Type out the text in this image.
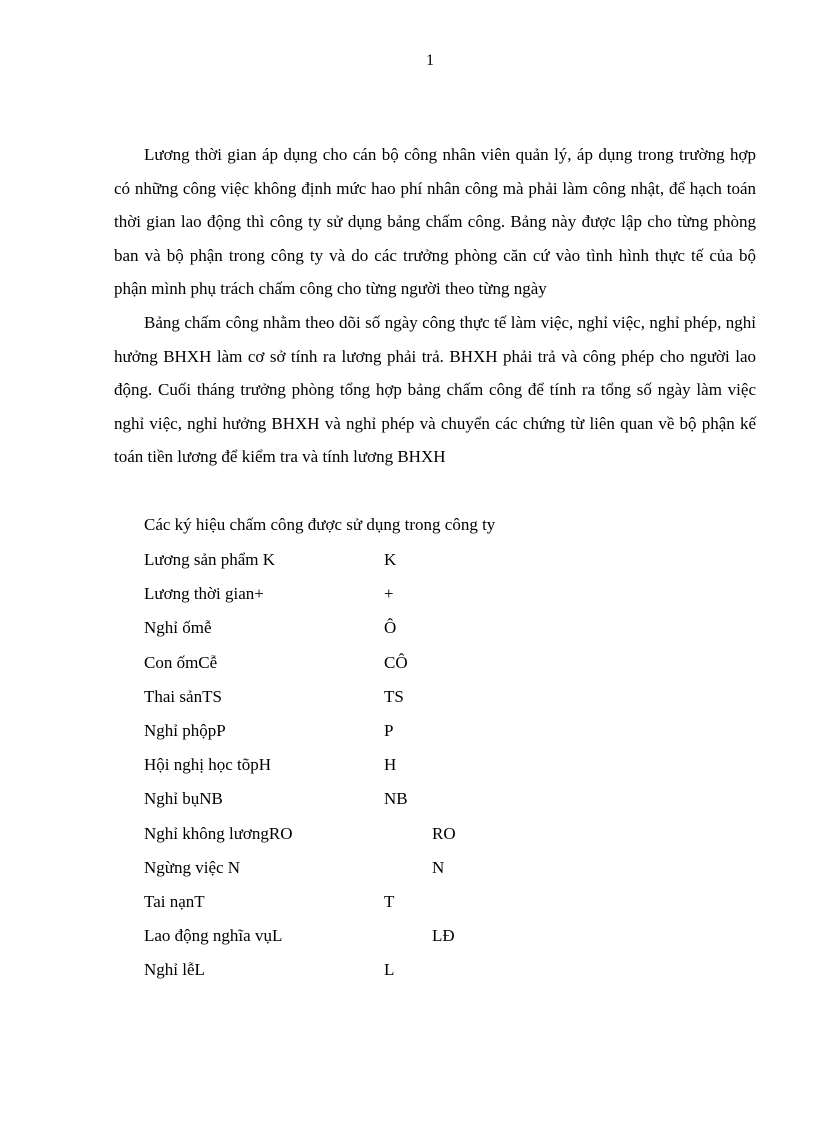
1

Lương thời gian áp dụng cho cán bộ công nhân viên quản lý, áp dụng trong trường hợp có những công việc không định mức hao phí nhân công mà phải làm công nhật, để hạch toán thời gian lao động thì công ty sử dụng bảng chấm công. Bảng này được lập cho từng phòng ban và bộ phận trong công ty và do các trưởng phòng căn cứ vào tình hình thực tế của bộ phận mình phụ trách chấm công cho từng người theo từng ngày

Bảng chấm công nhằm theo dõi số ngày công thực tế làm việc, nghỉ việc, nghỉ phép, nghỉ hưởng BHXH làm cơ sở tính ra lương phải trả. BHXH phải trả và công phép cho người lao động. Cuối tháng trưởng phòng tổng hợp bảng chấm công để tính ra tổng số ngày làm việc nghỉ việc, nghỉ hưởng BHXH và nghỉ phép và chuyển các chứng từ liên quan về bộ phận kế toán tiền lương để kiểm tra và tính lương BHXH

Các ký hiệu chấm công được sử dụng trong công ty
Lương sản phẩm K	K
Lương thời gian+	+
Nghỉ ốmễ	Ô
Con ốmCễ	CÔ
Thai sảnTS	TS
Nghỉ phộpP	P
Hội nghị học tõpH	H
Nghỉ bụNB	NB
Nghỉ không lươngRO	RO
Ngừng việc N	N
Tai nạnT	T
Lao động nghĩa vụL	LĐ
Nghỉ lễL	L
